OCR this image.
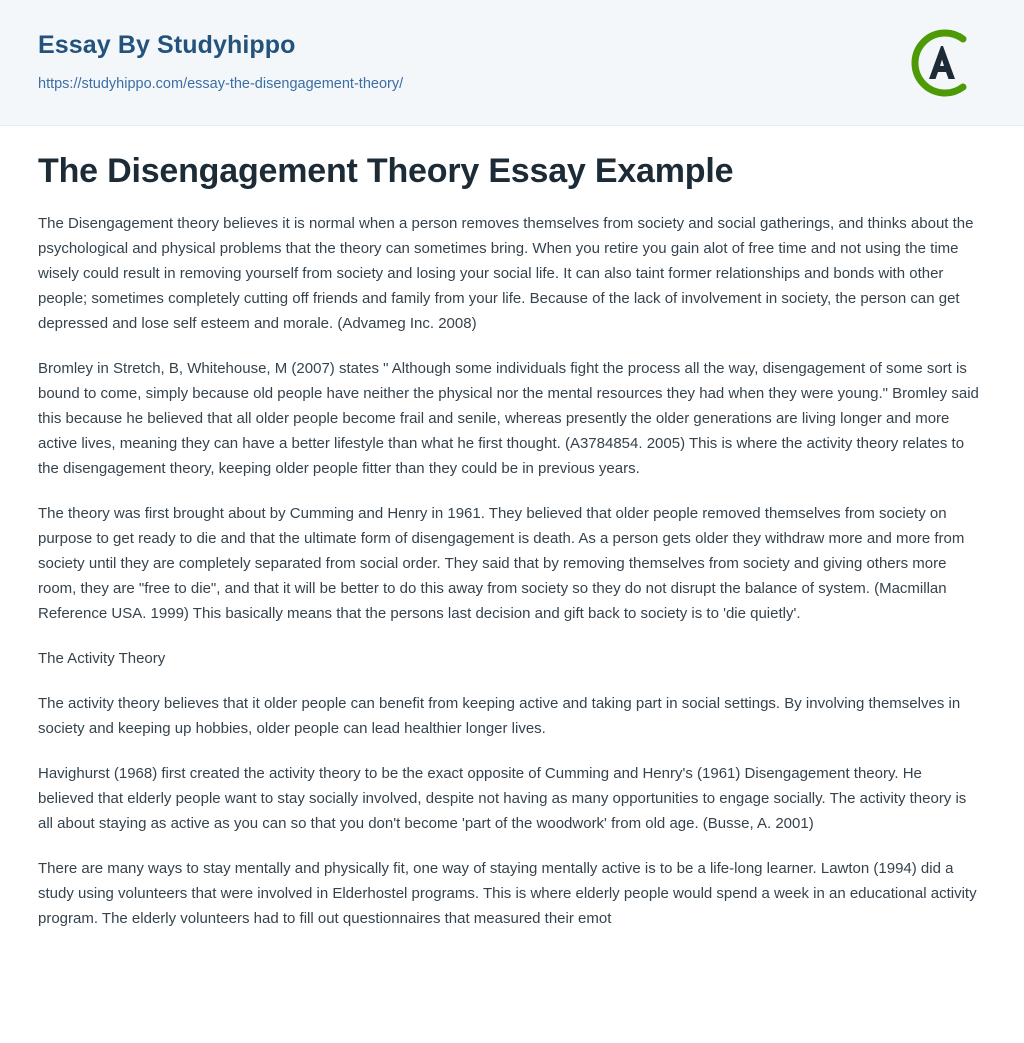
Essay By Studyhippo
https://studyhippo.com/essay-the-disengagement-theory/
The Disengagement Theory Essay Example

The Disengagement theory believes it is normal when a person removes themselves from society and social gatherings, and thinks about the psychological and physical problems that the theory can sometimes bring. When you retire you gain alot of free time and not using the time wisely could result in removing yourself from society and losing your social life. It can also taint former relationships and bonds with other people; sometimes completely cutting off friends and family from your life. Because of the lack of involvement in society, the person can get depressed and lose self esteem and morale. (Advameg Inc. 2008)

Bromley in Stretch, B, Whitehouse, M (2007) states " Although some individuals fight the process all the way, disengagement of some sort is bound to come, simply because old people have neither the physical nor the mental resources they had when they were young." Bromley said this because he believed that all older people become frail and senile, whereas presently the older generations are living longer and more active lives, meaning they can have a better lifestyle than what he first thought. (A3784854. 2005) This is where the activity theory relates to the disengagement theory, keeping older people fitter than they could be in previous years.

The theory was first brought about by Cumming and Henry in 1961. They believed that older people removed themselves from society on purpose to get ready to die and that the ultimate form of disengagement is death. As a person gets older they withdraw more and more from society until they are completely separated from social order. They said that by removing themselves from society and giving others more room, they are "free to die", and that it will be better to do this away from society so they do not disrupt the balance of system. (Macmillan Reference USA. 1999) This basically means that the persons last decision and gift back to society is to 'die quietly'.

The Activity Theory

The activity theory believes that it older people can benefit from keeping active and taking part in social settings. By involving themselves in society and keeping up hobbies, older people can lead healthier longer lives.

Havighurst (1968) first created the activity theory to be the exact opposite of Cumming and Henry's (1961) Disengagement theory. He believed that elderly people want to stay socially involved, despite not having as many opportunities to engage socially. The activity theory is all about staying as active as you can so that you don't become 'part of the woodwork' from old age. (Busse, A. 2001)

There are many ways to stay mentally and physically fit, one way of staying mentally active is to be a life-long learner. Lawton (1994) did a study using volunteers that were involved in Elderhostel programs. This is where elderly people would spend a week in an educational activity program. The elderly volunteers had to fill out questionnaires that measured their emot
